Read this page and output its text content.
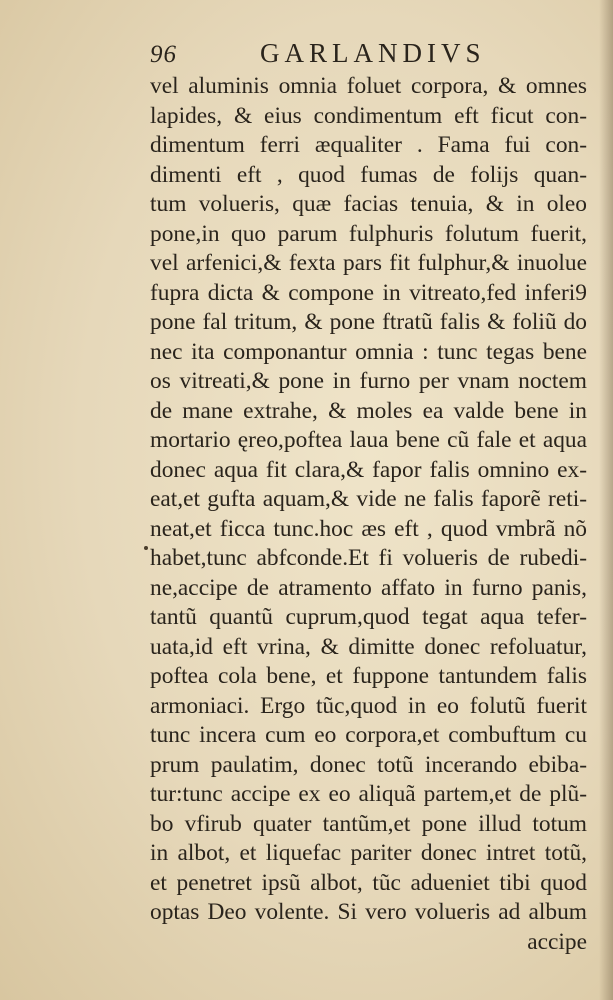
96	GARLANDIVS
vel aluminis omnia foluet corpora, & omnes
lapides, & eius condimentum eft ficut con-
dimentum ferri æqualiter . Fama fui con-
dimenti eft , quod fumas de folijs quan-
tum volueris, quæ facias tenuia, & in oleo
pone,in quo parum fulphuris folutum fuerit,
vel arfenici,& fexta pars fit fulphur,& inuolue
fupra dicta & compone in vitreato,fed inferi9
pone fal tritum, & pone ftratũ falis & foliũ do
nec ita componantur omnia : tunc tegas bene
os vitreati,& pone in furno per vnam noctem
de mane extrahe, & moles ea valde bene in
mortario ęreo,poftea laua bene cũ fale et aqua
donec aqua fit clara,& fapor falis omnino ex-
eat,et gufta aquam,& vide ne falis faporẽ reti-
neat,et ficca tunc.hoc æs eft , quod vmbrã nõ
habet,tunc abfconde.Et fi volueris de rubedi-
ne,accipe de atramento affato in furno panis,
tantũ quantũ cuprum,quod tegat aqua tefer-
uata,id eft vrina, & dimitte donec refoluatur,
poftea cola bene, et fuppone tantundem falis
armoniaci. Ergo tũc,quod in eo folutũ fuerit
tunc incera cum eo corpora,et combuftum cu
prum paulatim, donec totũ incerando ebiba-
tur:tunc accipe ex eo aliquã partem,et de plũ-
bo vfirub quater tantũm,et pone illud totum
in albot, et liquefac pariter donec intret totũ,
et penetret ipsũ albot, tũc adueniet tibi quod
optas Deo volente. Si vero volueris ad album
accipe
